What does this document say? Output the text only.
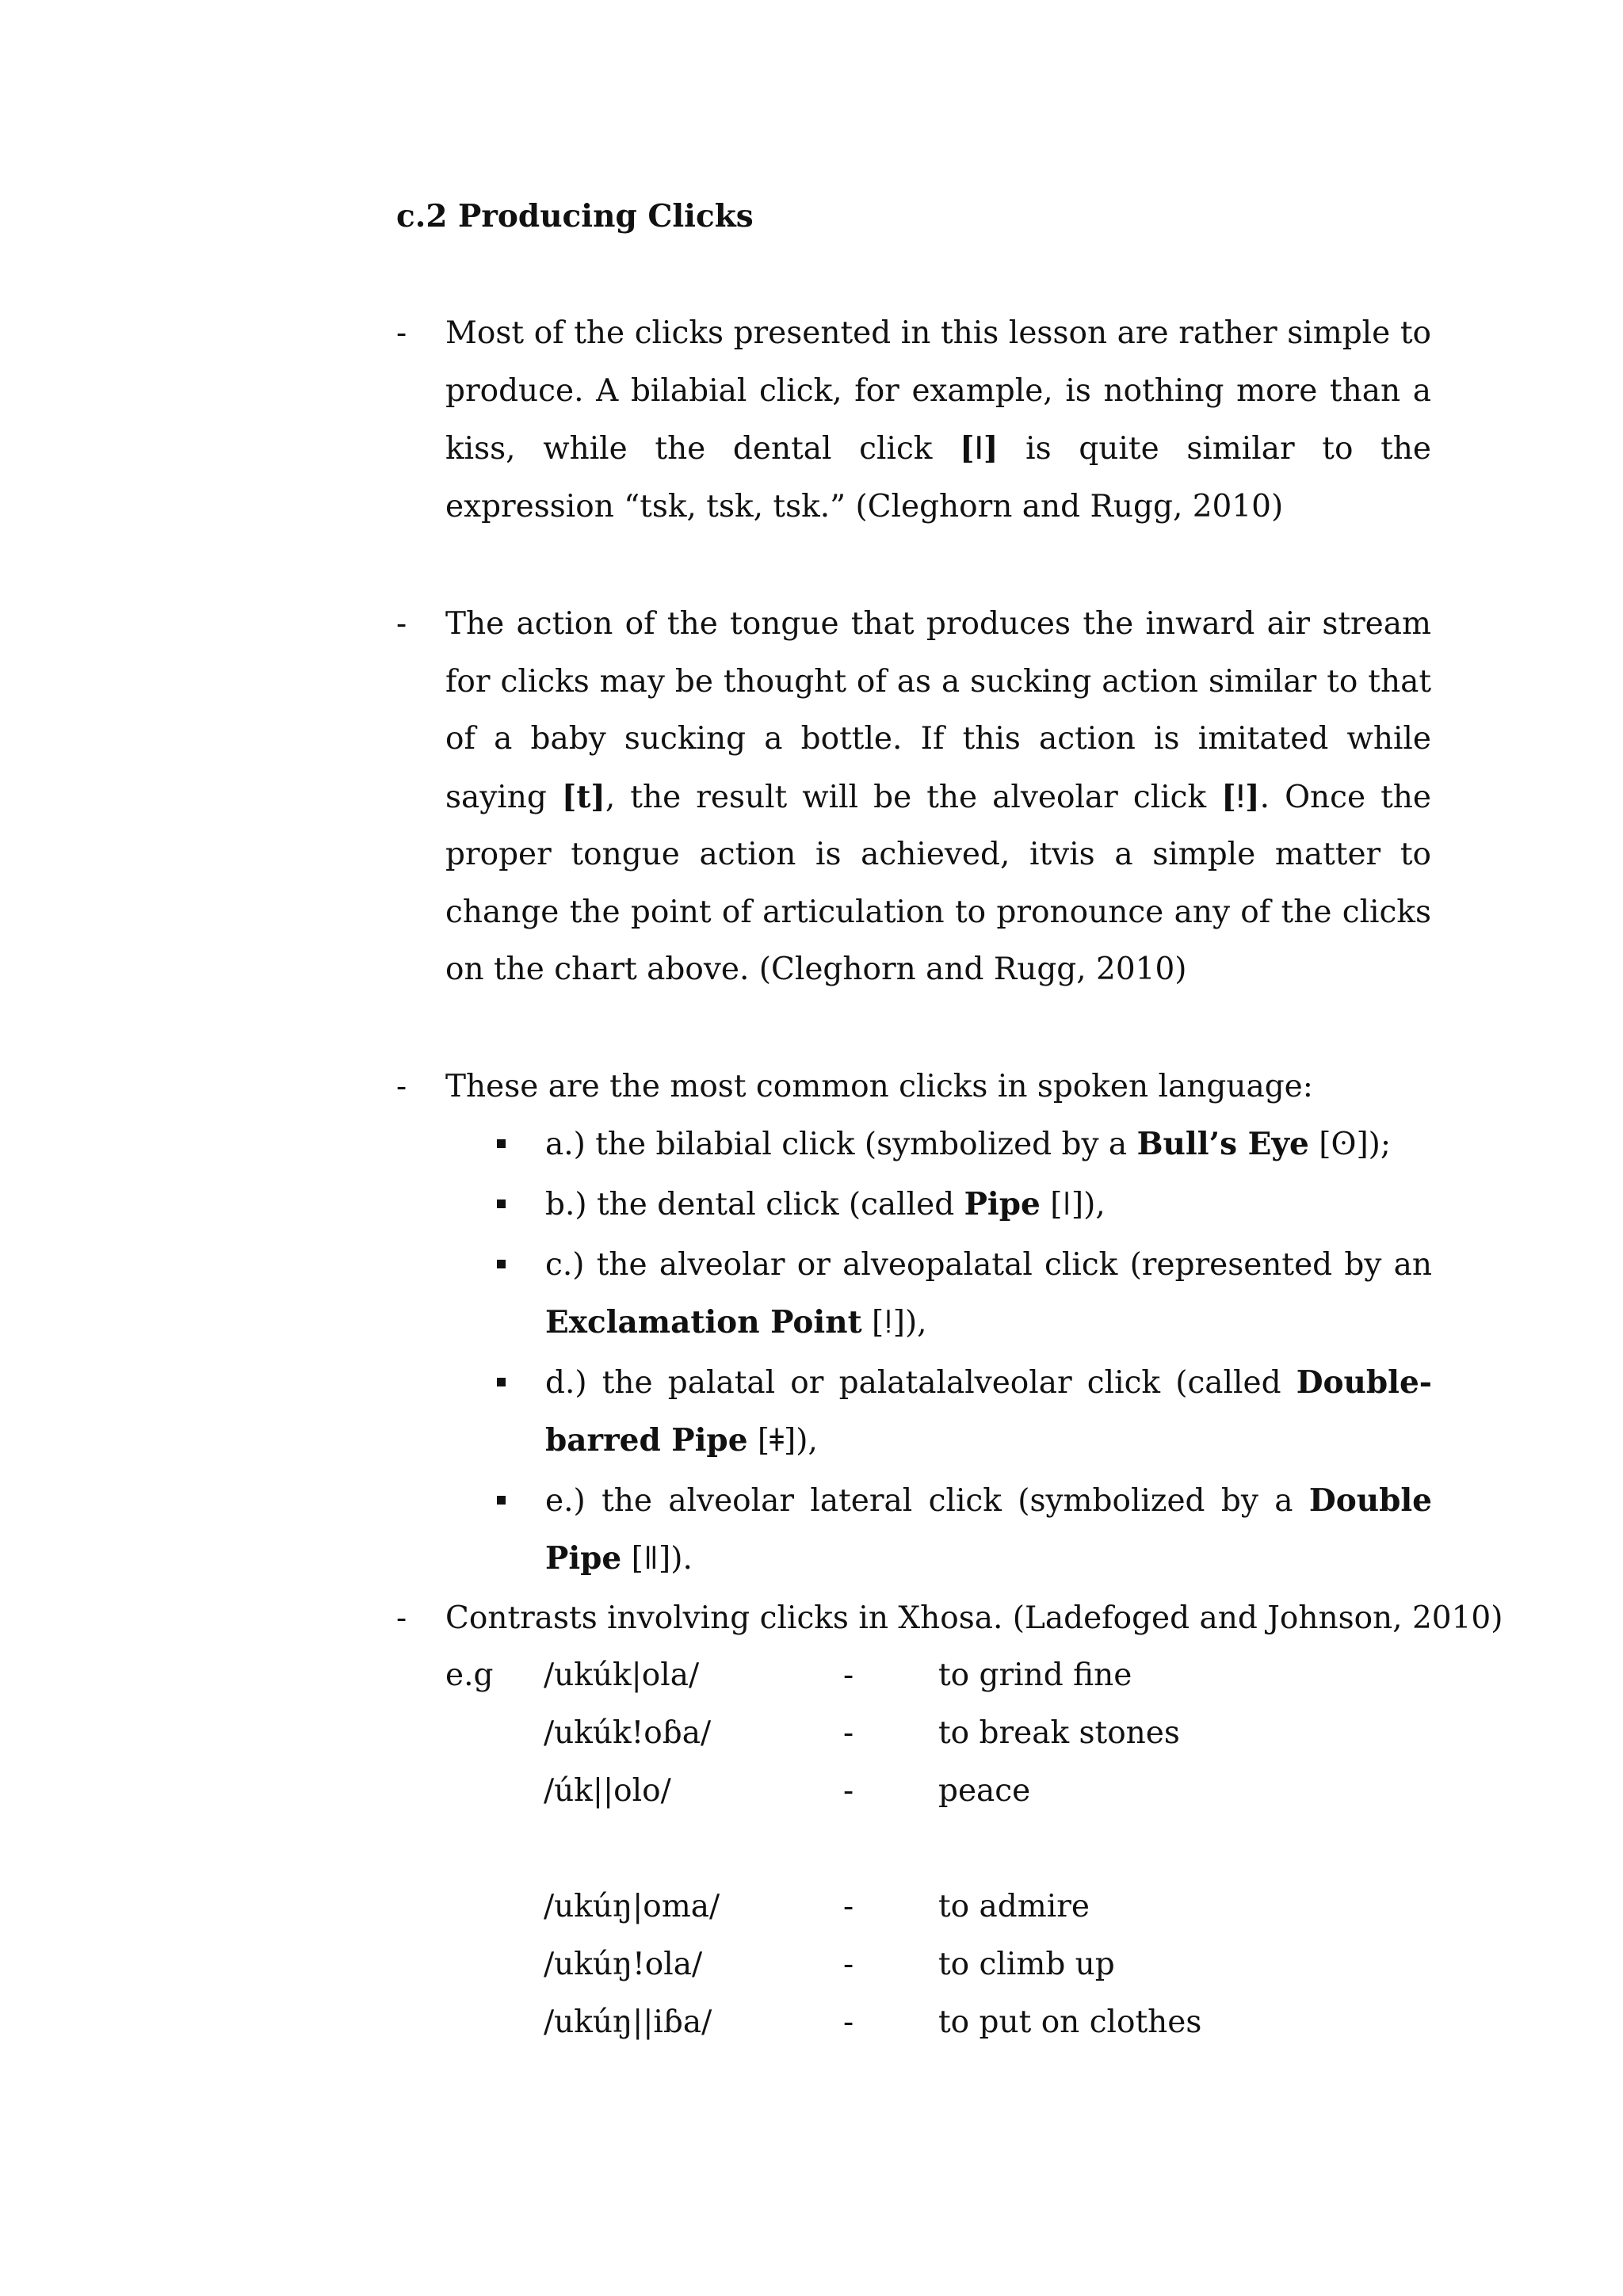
c.2 Producing Clicks
- Most of the clicks presented in this lesson are rather simple to produce. A bilabial click, for example, is nothing more than a kiss, while the dental click [ǀ] is quite similar to the expression “tsk, tsk, tsk.” (Cleghorn and Rugg, 2010)
- The action of the tongue that produces the inward air stream for clicks may be thought of as a sucking action similar to that of a baby sucking a bottle. If this action is imitated while saying [t], the result will be the alveolar click [ǃ]. Once the proper tongue action is achieved, itvis a simple matter to change the point of articulation to pronounce any of the clicks on the chart above. (Cleghorn and Rugg, 2010)
- These are the most common clicks in spoken language:
a.) the bilabial click (symbolized by a Bull’s Eye [ʘ]);
b.) the dental click (called Pipe [ǀ]),
c.) the alveolar or alveopalatal click (represented by an Exclamation Point [ǃ]),
d.) the palatal or palatalalveolar click (called Double-barred Pipe [ǂ]),
e.) the alveolar lateral click (symbolized by a Double Pipe [ǁ]).
- Contrasts involving clicks in Xhosa. (Ladefoged and Johnson, 2010)
e.g /ukúk|ola/	-	to grind fine
/ukúk!oɓa/	-	to break stones
/úk||olo/	-	peace
/ukúŋ|oma/	-	to admire
/ukúŋ!ola/	-	to climb up
/ukúŋ||iɓa/	-	to put on clothes
